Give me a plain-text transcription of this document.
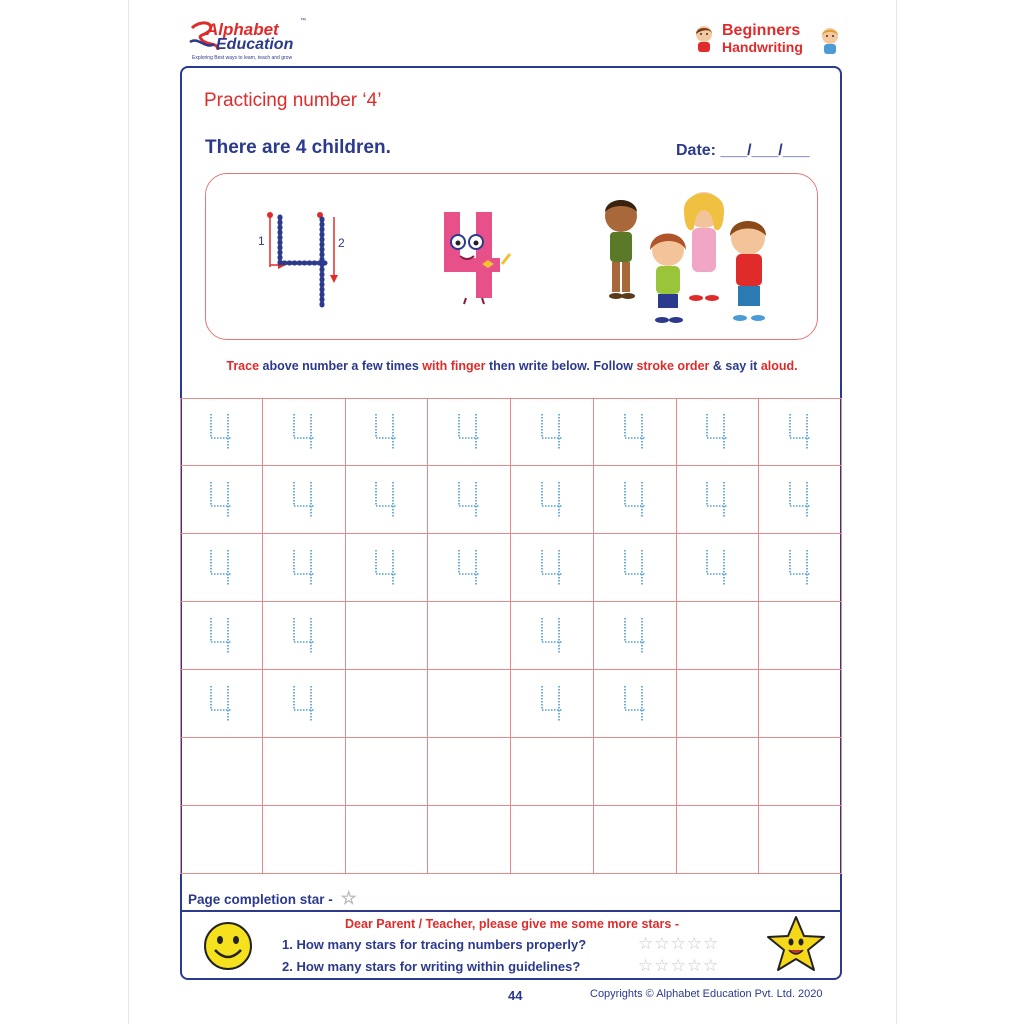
Alphabet	™
Education
Exploring Best ways to learn, teach and grow
Beginners
Handwriting
Practicing number ‘4’
There are 4 children.	Date: ___/___/___
1	2
Trace above number a few times with finger then write below. Follow stroke order & say it aloud.
Page completion star - ☆
Dear Parent / Teacher, please give me some more stars -
1. How many stars for tracing numbers properly?
2. How many stars for writing within guidelines?
☆☆☆☆☆
☆☆☆☆☆
44	Copyrights © Alphabet Education Pvt. Ltd. 2020
